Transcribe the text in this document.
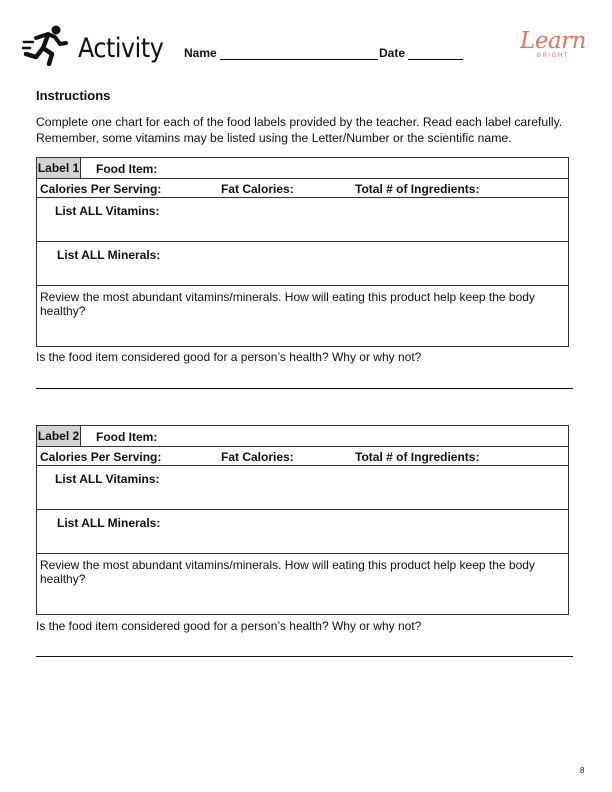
Activity Name	Date	Learn
BRIGHT
Instructions
Complete one chart for each of the food labels provided by the teacher. Read each label carefully. Remember, some vitamins may be listed using the Letter/Number or the scientific name.
Label 1 Food Item:
Calories Per Serving:	Fat Calories:	Total # of Ingredients:
List ALL Vitamins:
List ALL Minerals:
Review the most abundant vitamins/minerals. How will eating this product help keep the body healthy?
Is the food item considered good for a person’s health? Why or why not?
Label 2 Food Item:
Calories Per Serving:	Fat Calories:	Total # of Ingredients:
List ALL Vitamins:
List ALL Minerals:
Review the most abundant vitamins/minerals. How will eating this product help keep the body healthy?
Is the food item considered good for a person’s health? Why or why not?
8
